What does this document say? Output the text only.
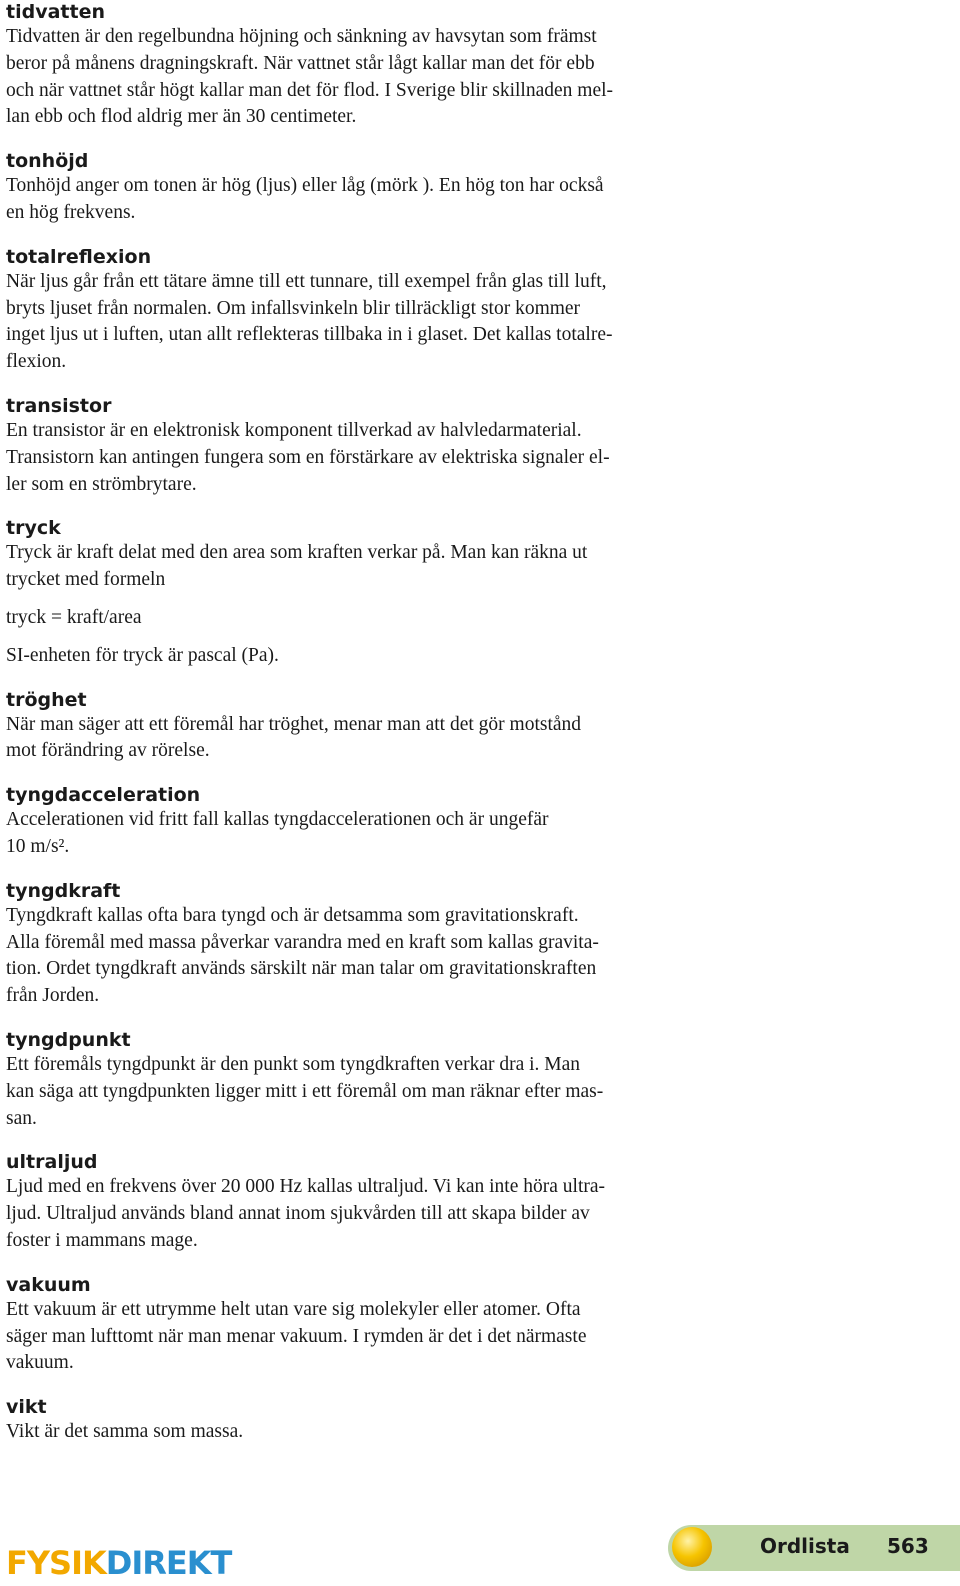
tidvatten
Tidvatten är den regelbundna höjning och sänkning av havsytan som främst
beror på månens dragningskraft. När vattnet står lågt kallar man det för ebb
och när vattnet står högt kallar man det för flod. I Sverige blir skillnaden mel-
lan ebb och flod aldrig mer än 30 centimeter.
tonhöjd
Tonhöjd anger om tonen är hög (ljus) eller låg (mörk ). En hög ton har också
en hög frekvens.
totalreflexion
När ljus går från ett tätare ämne till ett tunnare, till exempel från glas till luft,
bryts ljuset från normalen. Om infallsvinkeln blir tillräckligt stor kommer
inget ljus ut i luften, utan allt reflekteras tillbaka in i glaset. Det kallas totalre-
flexion.
transistor
En transistor är en elektronisk komponent tillverkad av halvledarmaterial.
Transistorn kan antingen fungera som en förstärkare av elektriska signaler el-
ler som en strömbrytare.
tryck
Tryck är kraft delat med den area som kraften verkar på. Man kan räkna ut
trycket med formeln
tryck = kraft/area
SI-enheten för tryck är pascal (Pa).
tröghet
När man säger att ett föremål har tröghet, menar man att det gör motstånd
mot förändring av rörelse.
tyngdacceleration
Accelerationen vid fritt fall kallas tyngdaccelerationen och är ungefär
10 m/s².
tyngdkraft
Tyngdkraft kallas ofta bara tyngd och är detsamma som gravitationskraft.
Alla föremål med massa påverkar varandra med en kraft som kallas gravita-
tion. Ordet tyngdkraft används särskilt när man talar om gravitationskraften
från Jorden.
tyngdpunkt
Ett föremåls tyngdpunkt är den punkt som tyngdkraften verkar dra i. Man
kan säga att tyngdpunkten ligger mitt i ett föremål om man räknar efter mas-
san.
ultraljud
Ljud med en frekvens över 20 000 Hz kallas ultraljud. Vi kan inte höra ultra-
ljud. Ultraljud används bland annat inom sjukvården till att skapa bilder av
foster i mammans mage.
vakuum
Ett vakuum är ett utrymme helt utan vare sig molekyler eller atomer. Ofta
säger man lufttomt när man menar vakuum. I rymden är det i det närmaste
vakuum.
vikt
Vikt är det samma som massa.
FYSIKDIREKT	Ordlista 563
